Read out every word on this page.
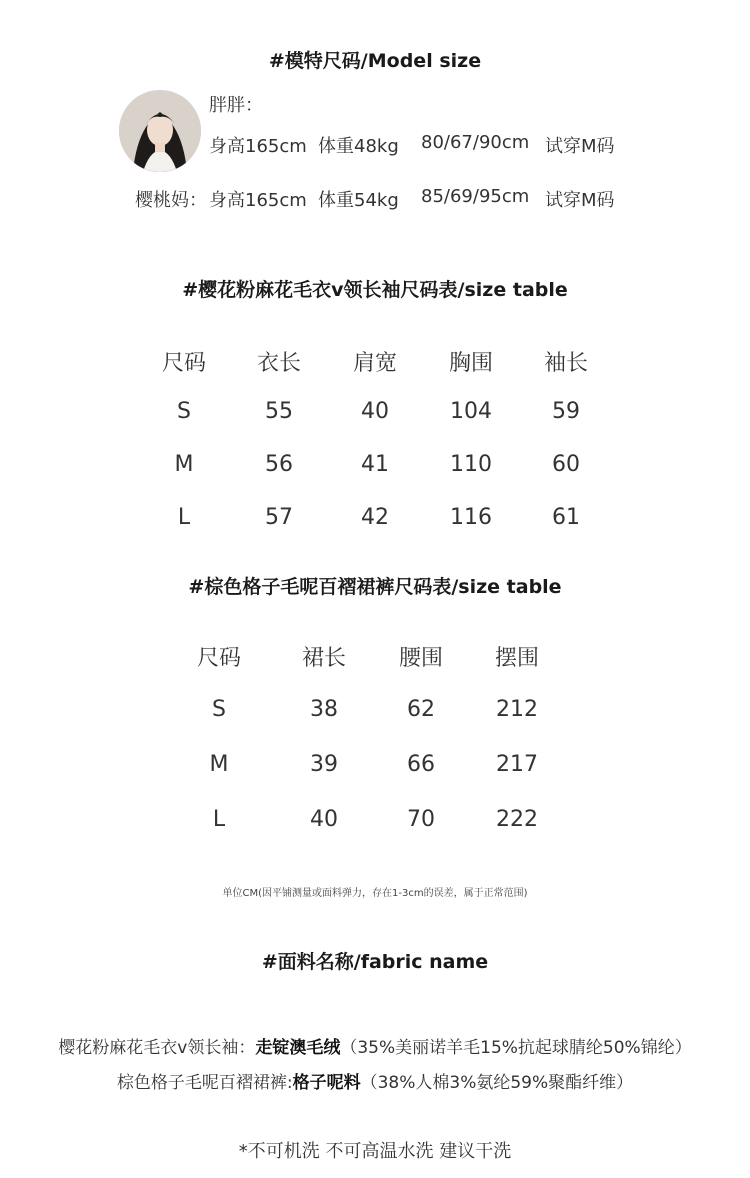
#模特尺码/Model size
胖胖：
身高165cm 体重48kg 80/67/90cm 试穿M码
樱桃妈： 身高165cm 体重54kg 85/69/95cm 试穿M码
#樱花粉麻花毛衣v领长袖尺码表/size table
尺码	衣长	肩宽	胸围	袖长
S	55	40	104	59
M	56	41	110	60
L	57	42	116	61
#棕色格子毛呢百褶裙裤尺码表/size table
尺码	裙长	腰围	摆围
S	38	62	212
M	39	66	217
L	40	70	222
单位CM(因平铺测量或面料弹力，存在1-3cm的误差，属于正常范围)
#面料名称/fabric name
樱花粉麻花毛衣v领长袖：走锭澳毛绒（35%美丽诺羊毛15%抗起球腈纶50%锦纶）
棕色格子毛呢百褶裙裤:格子呢料（38%人棉3%氨纶59%聚酯纤维）
*不可机洗 不可高温水洗 建议干洗
